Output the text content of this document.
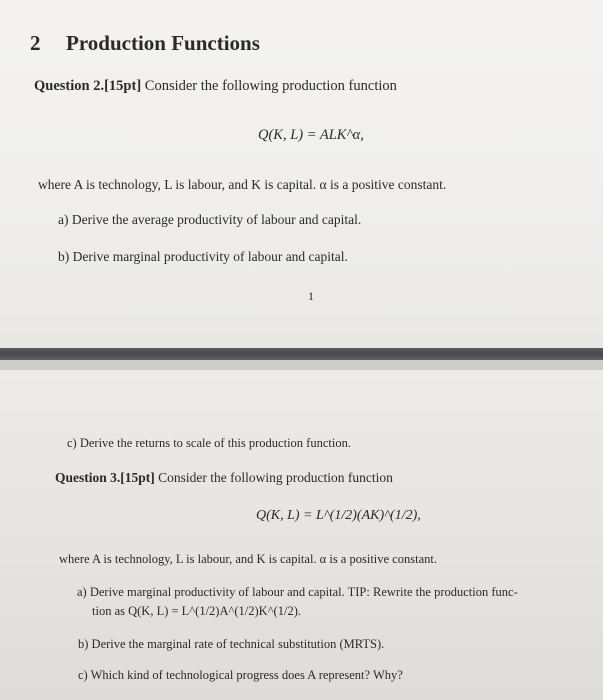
2 Production Functions
Question 2.[15pt] Consider the following production function
Q(K, L) = ALK^α,
where A is technology, L is labour, and K is capital. α is a positive constant.
a) Derive the average productivity of labour and capital.
b) Derive marginal productivity of labour and capital.
1
c) Derive the returns to scale of this production function.
Question 3.[15pt] Consider the following production function
Q(K, L) = L^(1/2)(AK)^(1/2),
where A is technology, L is labour, and K is capital. α is a positive constant.
a) Derive marginal productivity of labour and capital. TIP: Rewrite the production func-
tion as Q(K, L) = L^(1/2)A^(1/2)K^(1/2).
b) Derive the marginal rate of technical substitution (MRTS).
c) Which kind of technological progress does A represent? Why?
